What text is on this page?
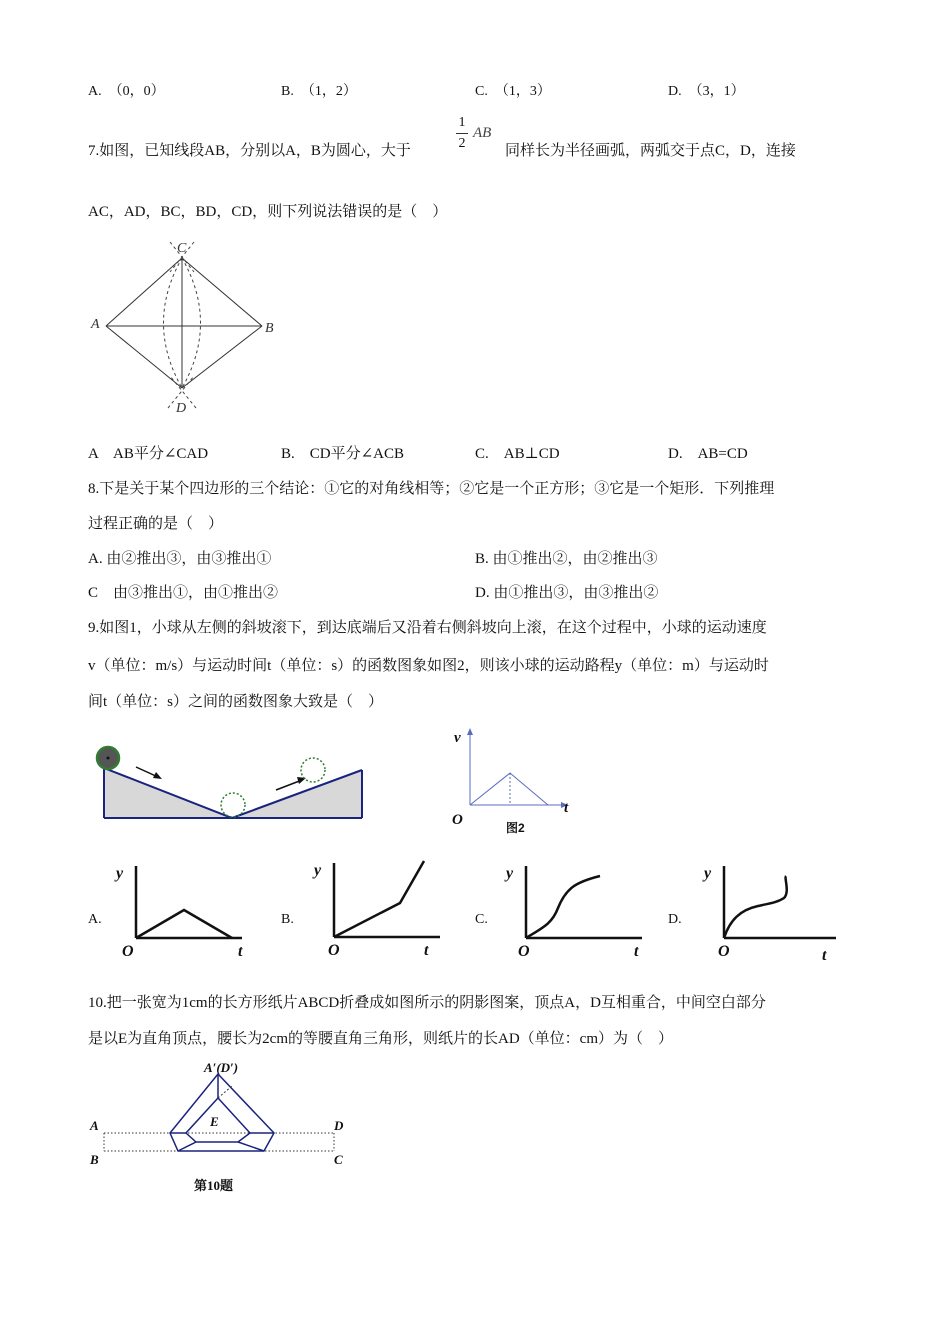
A.　（0，0）	B.　（1，2）	C.　（1，3）	D.　（3，1）
7.如图，已知线段AB，分别以A，B为圆心，大于
1
2
AB
同样长为半径画弧，两弧交于点C，D，连接
AC，AD，BC，BD，CD，则下列说法错误的是（　）
C
A	B
D
A　AB平分∠CAD	B.　CD平分∠ACB	C.　AB⊥CD	D.　AB=CD
8.下是关于某个四边形的三个结论：①它的对角线相等；②它是一个正方形；③它是一个矩形．下列推理
过程正确的是（　）
A. 由②推出③，由③推出①	B. 由①推出②，由②推出③
C　由③推出①，由①推出②	D. 由①推出③，由③推出②
9.如图1，小球从左侧的斜坡滚下，到达底端后又沿着右侧斜坡向上滚，在这个过程中，小球的运动速度
v（单位：m/s）与运动时间t（单位：s）的函数图象如图2，则该小球的运动路程y（单位：m）与运动时
间t（单位：s）之间的函数图象大致是（　）
v
t
O	图2
A.
y
O	t
B.
y
O	t
C.
y
O	t
D.
y
O	t
10.把一张宽为1cm的长方形纸片ABCD折叠成如图所示的阴影图案，顶点A，D互相重合，中间空白部分
是以E为直角顶点，腰长为2cm的等腰直角三角形，则纸片的长AD（单位：cm）为（　）
A′(D′)
E
A
B
D
C
第10题
